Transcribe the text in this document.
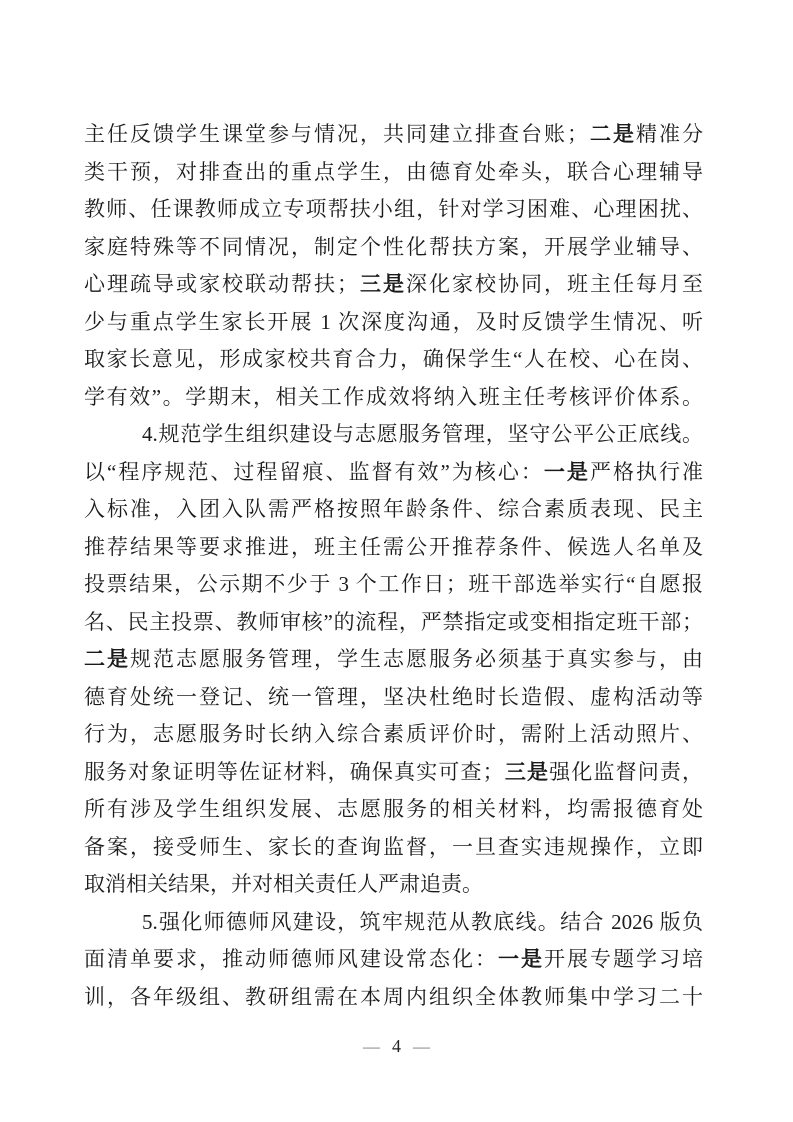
主任反馈学生课堂参与情况，共同建立排查台账；二是精准分
类干预，对排查出的重点学生，由德育处牵头，联合心理辅导
教师、任课教师成立专项帮扶小组，针对学习困难、心理困扰、
家庭特殊等不同情况，制定个性化帮扶方案，开展学业辅导、
心理疏导或家校联动帮扶；三是深化家校协同，班主任每月至
少与重点学生家长开展 1 次深度沟通，及时反馈学生情况、听
取家长意见，形成家校共育合力，确保学生“人在校、心在岗、
学有效”。学期末，相关工作成效将纳入班主任考核评价体系。
4.规范学生组织建设与志愿服务管理，坚守公平公正底线。
以“程序规范、过程留痕、监督有效”为核心：一是严格执行准
入标准，入团入队需严格按照年龄条件、综合素质表现、民主
推荐结果等要求推进，班主任需公开推荐条件、候选人名单及
投票结果，公示期不少于 3 个工作日；班干部选举实行“自愿报
名、民主投票、教师审核”的流程，严禁指定或变相指定班干部；
二是规范志愿服务管理，学生志愿服务必须基于真实参与，由
德育处统一登记、统一管理，坚决杜绝时长造假、虚构活动等
行为，志愿服务时长纳入综合素质评价时，需附上活动照片、
服务对象证明等佐证材料，确保真实可查；三是强化监督问责，
所有涉及学生组织发展、志愿服务的相关材料，均需报德育处
备案，接受师生、家长的查询监督，一旦查实违规操作，立即
取消相关结果，并对相关责任人严肃追责。
5.强化师德师风建设，筑牢规范从教底线。结合 2026 版负
面清单要求，推动师德师风建设常态化：一是开展专题学习培
训，各年级组、教研组需在本周内组织全体教师集中学习二十
— 4 —
